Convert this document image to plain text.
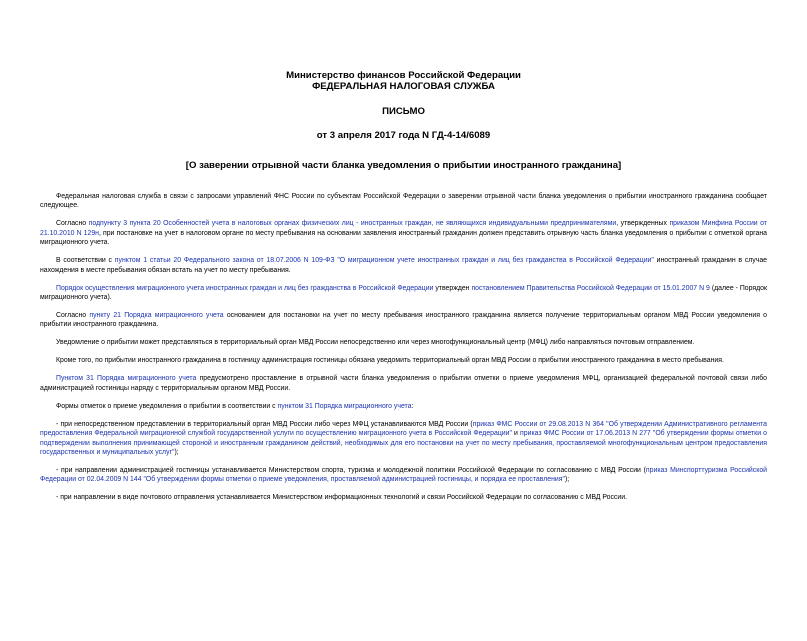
Министерство финансов Российской Федерации
ФЕДЕРАЛЬНАЯ НАЛОГОВАЯ СЛУЖБА
ПИСЬМО
от 3 апреля 2017 года N ГД-4-14/6089
[О заверении отрывной части бланка уведомления о прибытии иностранного гражданина]

Федеральная налоговая служба в связи с запросами управлений ФНС России по субъектам Российской Федерации о заверении отрывной части бланка уведомления о прибытии иностранного гражданина сообщает следующее.

Согласно подпункту 3 пункта 20 Особенностей учета в налоговых органах физических лиц - иностранных граждан, не являющихся индивидуальными предпринимателями, утвержденных приказом Минфина России от 21.10.2010 N 129н, при постановке на учет в налоговом органе по месту пребывания на основании заявления иностранный гражданин должен представить отрывную часть бланка уведомления о прибытии с отметкой органа миграционного учета.

В соответствии с пунктом 1 статьи 20 Федерального закона от 18.07.2006 N 109-ФЗ "О миграционном учете иностранных граждан и лиц без гражданства в Российской Федерации" иностранный гражданин в случае нахождения в месте пребывания обязан встать на учет по месту пребывания.

Порядок осуществления миграционного учета иностранных граждан и лиц без гражданства в Российской Федерации утвержден постановлением Правительства Российской Федерации от 15.01.2007 N 9 (далее - Порядок миграционного учета).

Согласно пункту 21 Порядка миграционного учета основанием для постановки на учет по месту пребывания иностранного гражданина является получение территориальным органом МВД России уведомления о прибытии иностранного гражданина.

Уведомление о прибытии может представляться в территориальный орган МВД России непосредственно или через многофункциональный центр (МФЦ) либо направляться почтовым отправлением.

Кроме того, по прибытии иностранного гражданина в гостиницу администрация гостиницы обязана уведомить территориальный орган МВД России о прибытии иностранного гражданина в место пребывания.

Пунктом 31 Порядка миграционного учета предусмотрено проставление в отрывной части бланка уведомления о прибытии отметки о приеме уведомления МФЦ, организацией федеральной почтовой связи либо администрацией гостиницы наряду с территориальным органом МВД России.

Формы отметок о приеме уведомления о прибытии в соответствии с пунктом 31 Порядка миграционного учета:

- при непосредственном представлении в территориальный орган МВД России либо через МФЦ устанавливаются МВД России (приказ ФМС России от 29.08.2013 N 364 "Об утверждении Административного регламента предоставления Федеральной миграционной службой государственной услуги по осуществлению миграционного учета в Российской Федерации" и приказ ФМС России от 17.06.2013 N 277 "Об утверждении формы отметки о подтверждении выполнения принимающей стороной и иностранным гражданином действий, необходимых для его постановки на учет по месту пребывания, проставляемой многофункциональным центром предоставления государственных и муниципальных услуг");

- при направлении администрацией гостиницы устанавливается Министерством спорта, туризма и молодежной политики Российской Федерации по согласованию с МВД России (приказ Минспорттуризма Российской Федерации от 02.04.2009 N 144 "Об утверждении формы отметки о приеме уведомления, проставляемой администрацией гостиницы, и порядка ее проставления");

- при направлении в виде почтового отправления устанавливается Министерством информационных технологий и связи Российской Федерации по согласованию с МВД России.
